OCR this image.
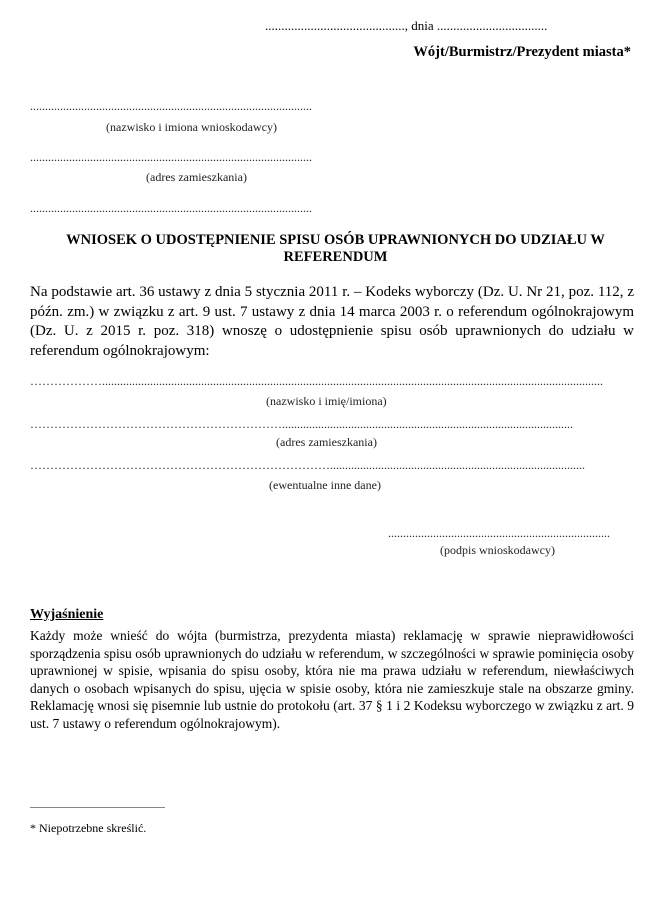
..........................................., dnia ..................................
Wójt/Burmistrz/Prezydent miasta*
..............................................................................................
(nazwisko i imiona wnioskodawcy)
..............................................................................................
(adres zamieszkania)
..............................................................................................
WNIOSEK O UDOSTĘPNIENIE SPISU OSÓB UPRAWNIONYCH DO UDZIAŁU W REFERENDUM
Na podstawie art. 36 ustawy z dnia 5 stycznia 2011 r. – Kodeks wyborczy (Dz. U. Nr 21, poz. 112, z późn. zm.) w związku z art. 9 ust. 7 ustawy z dnia 14 marca 2003 r. o referendum ogólnokrajowym (Dz. U. z 2015 r. poz. 318) wnoszę o udostępnienie spisu osób uprawnionych do udziału w referendum ogólnokrajowym:
……………….......................................................................................................................................................................
(nazwisko i imię/imiona)
……………………………………………………….................................................................................................
(adres zamieszkania)
………………………………………………………………….....................................................................................
(ewentualne inne dane)
..........................................................................
(podpis wnioskodawcy)
Wyjaśnienie
Każdy może wnieść do wójta (burmistrza, prezydenta miasta) reklamację w sprawie nieprawidłowości sporządzenia spisu osób uprawnionych do udziału w referendum, w szczególności w sprawie pominięcia osoby uprawnionej w spisie, wpisania do spisu osoby, która nie ma prawa udziału w referendum, niewłaściwych danych o osobach wpisanych do spisu, ujęcia w spisie osoby, która nie zamieszkuje stale na obszarze gminy. Reklamację wnosi się pisemnie lub ustnie do protokołu (art. 37 § 1 i 2 Kodeksu wyborczego w związku z art. 9 ust. 7 ustawy o referendum ogólnokrajowym).
* Niepotrzebne skreślić.
